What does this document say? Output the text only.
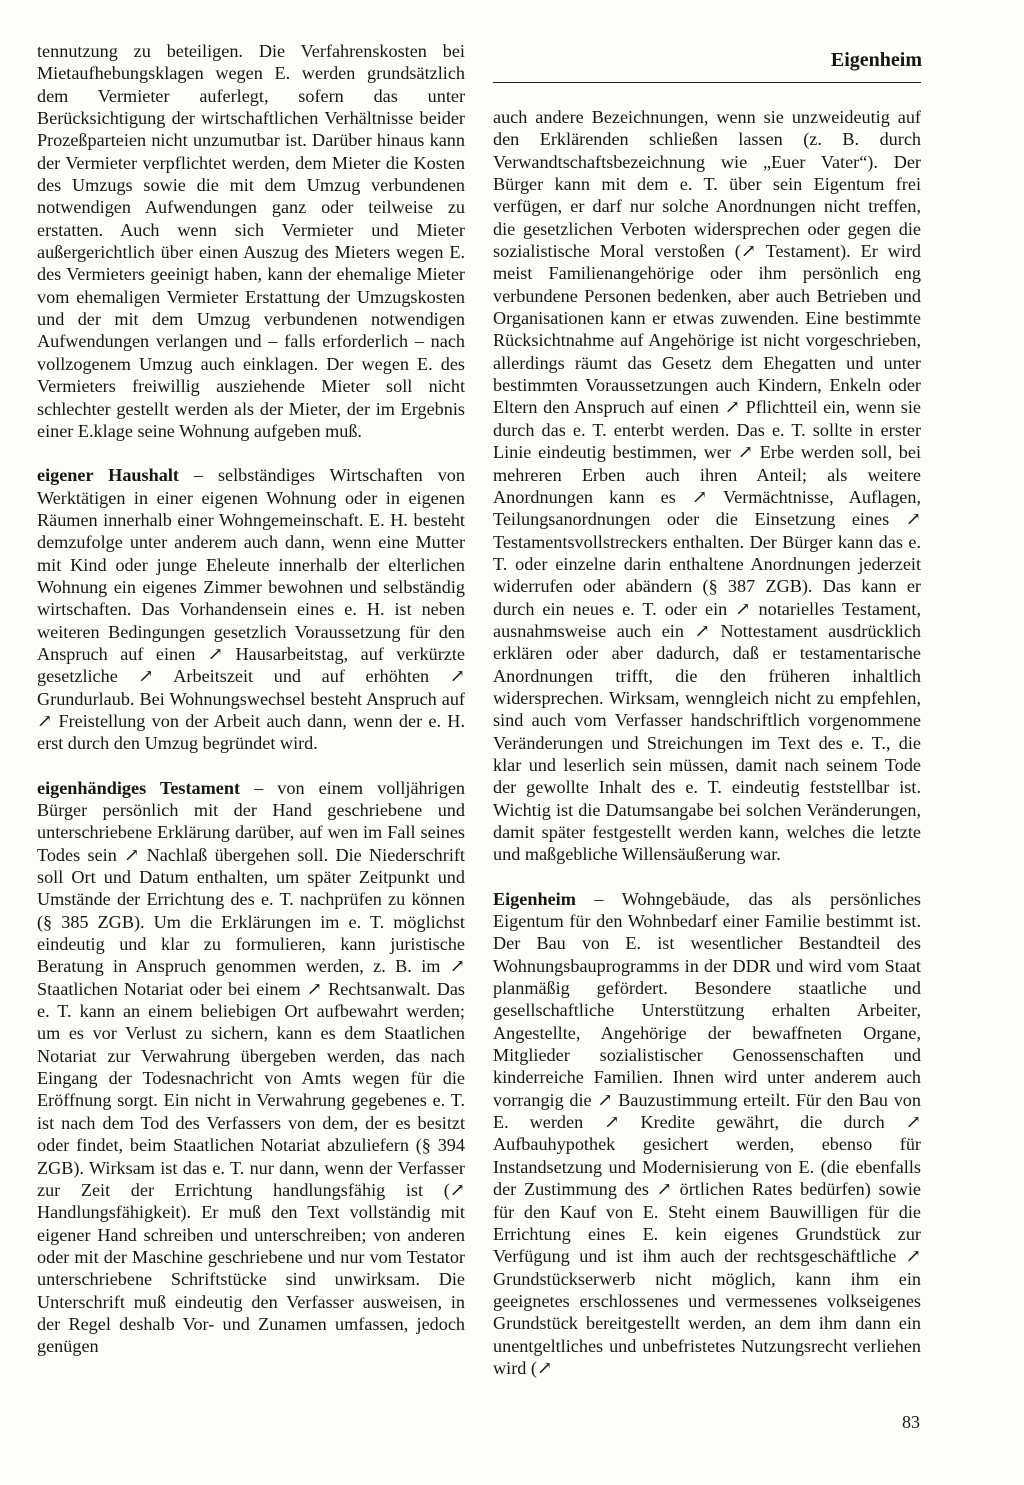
Eigenheim

tennutzung zu beteiligen. Die Verfahrenskosten bei Mietaufhebungsklagen wegen E. werden grundsätzlich dem Vermieter auferlegt, sofern das unter Berücksichtigung der wirtschaftlichen Verhältnisse beider Prozeßparteien nicht unzumutbar ist. Darüber hinaus kann der Vermieter verpflichtet werden, dem Mieter die Kosten des Umzugs sowie die mit dem Umzug verbundenen notwendigen Aufwendungen ganz oder teilweise zu erstatten. Auch wenn sich Vermieter und Mieter außergerichtlich über einen Auszug des Mieters wegen E. des Vermieters geeinigt haben, kann der ehemalige Mieter vom ehemaligen Vermieter Erstattung der Umzugskosten und der mit dem Umzug verbundenen notwendigen Aufwendungen verlangen und – falls erforderlich – nach vollzogenem Umzug auch einklagen. Der wegen E. des Vermieters freiwillig ausziehende Mieter soll nicht schlechter gestellt werden als der Mieter, der im Ergebnis einer E.klage seine Wohnung aufgeben muß.

eigener Haushalt – selbständiges Wirtschaften von Werktätigen in einer eigenen Wohnung oder in eigenen Räumen innerhalb einer Wohngemeinschaft. E. H. besteht demzufolge unter anderem auch dann, wenn eine Mutter mit Kind oder junge Eheleute innerhalb der elterlichen Wohnung ein eigenes Zimmer bewohnen und selbständig wirtschaften. Das Vorhandensein eines e. H. ist neben weiteren Bedingungen gesetzlich Voraussetzung für den Anspruch auf einen ↗ Hausarbeitstag, auf verkürzte gesetzliche ↗ Arbeitszeit und auf erhöhten ↗ Grundurlaub. Bei Wohnungswechsel besteht Anspruch auf ↗ Freistellung von der Arbeit auch dann, wenn der e. H. erst durch den Umzug begründet wird.

eigenhändiges Testament – von einem volljährigen Bürger persönlich mit der Hand geschriebene und unterschriebene Erklärung darüber, auf wen im Fall seines Todes sein ↗ Nachlaß übergehen soll. Die Niederschrift soll Ort und Datum enthalten, um später Zeitpunkt und Umstände der Errichtung des e. T. nachprüfen zu können (§ 385 ZGB). Um die Erklärungen im e. T. möglichst eindeutig und klar zu formulieren, kann juristische Beratung in Anspruch genommen werden, z. B. im ↗ Staatlichen Notariat oder bei einem ↗ Rechtsanwalt. Das e. T. kann an einem beliebigen Ort aufbewahrt werden; um es vor Verlust zu sichern, kann es dem Staatlichen Notariat zur Verwahrung übergeben werden, das nach Eingang der Todesnachricht von Amts wegen für die Eröffnung sorgt. Ein nicht in Verwahrung gegebenes e. T. ist nach dem Tod des Verfassers von dem, der es besitzt oder findet, beim Staatlichen Notariat abzuliefern (§ 394 ZGB). Wirksam ist das e. T. nur dann, wenn der Verfasser zur Zeit der Errichtung handlungsfähig ist (↗ Handlungsfähigkeit). Er muß den Text vollständig mit eigener Hand schreiben und unterschreiben; von anderen oder mit der Maschine geschriebene und nur vom Testator unterschriebene Schriftstücke sind unwirksam. Die Unterschrift muß eindeutig den Verfasser ausweisen, in der Regel deshalb Vor- und Zunamen umfassen, jedoch genügen

auch andere Bezeichnungen, wenn sie unzweideutig auf den Erklärenden schließen lassen (z. B. durch Verwandtschaftsbezeichnung wie „Euer Vater“). Der Bürger kann mit dem e. T. über sein Eigentum frei verfügen, er darf nur solche Anordnungen nicht treffen, die gesetzlichen Verboten widersprechen oder gegen die sozialistische Moral verstoßen (↗ Testament). Er wird meist Familienangehörige oder ihm persönlich eng verbundene Personen bedenken, aber auch Betrieben und Organisationen kann er etwas zuwenden. Eine bestimmte Rücksichtnahme auf Angehörige ist nicht vorgeschrieben, allerdings räumt das Gesetz dem Ehegatten und unter bestimmten Voraussetzungen auch Kindern, Enkeln oder Eltern den Anspruch auf einen ↗ Pflichtteil ein, wenn sie durch das e. T. enterbt werden. Das e. T. sollte in erster Linie eindeutig bestimmen, wer ↗ Erbe werden soll, bei mehreren Erben auch ihren Anteil; als weitere Anordnungen kann es ↗ Vermächtnisse, Auflagen, Teilungsanordnungen oder die Einsetzung eines ↗ Testamentsvollstreckers enthalten. Der Bürger kann das e. T. oder einzelne darin enthaltene Anordnungen jederzeit widerrufen oder abändern (§ 387 ZGB). Das kann er durch ein neues e. T. oder ein ↗ notarielles Testament, ausnahmsweise auch ein ↗ Nottestament ausdrücklich erklären oder aber dadurch, daß er testamentarische Anordnungen trifft, die den früheren inhaltlich widersprechen. Wirksam, wenngleich nicht zu empfehlen, sind auch vom Verfasser handschriftlich vorgenommene Veränderungen und Streichungen im Text des e. T., die klar und leserlich sein müssen, damit nach seinem Tode der gewollte Inhalt des e. T. eindeutig feststellbar ist. Wichtig ist die Datumsangabe bei solchen Veränderungen, damit später festgestellt werden kann, welches die letzte und maßgebliche Willensäußerung war.

Eigenheim – Wohngebäude, das als persönliches Eigentum für den Wohnbedarf einer Familie bestimmt ist. Der Bau von E. ist wesentlicher Bestandteil des Wohnungsbauprogramms in der DDR und wird vom Staat planmäßig gefördert. Besondere staatliche und gesellschaftliche Unterstützung erhalten Arbeiter, Angestellte, Angehörige der bewaffneten Organe, Mitglieder sozialistischer Genossenschaften und kinderreiche Familien. Ihnen wird unter anderem auch vorrangig die ↗ Bauzustimmung erteilt. Für den Bau von E. werden ↗ Kredite gewährt, die durch ↗ Aufbauhypothek gesichert werden, ebenso für Instandsetzung und Modernisierung von E. (die ebenfalls der Zustimmung des ↗ örtlichen Rates bedürfen) sowie für den Kauf von E. Steht einem Bauwilligen für die Errichtung eines E. kein eigenes Grundstück zur Verfügung und ist ihm auch der rechtsgeschäftliche ↗ Grundstückserwerb nicht möglich, kann ihm ein geeignetes erschlossenes und vermessenes volkseigenes Grundstück bereitgestellt werden, an dem ihm dann ein unentgeltliches und unbefristetes Nutzungsrecht verliehen wird (↗

83
